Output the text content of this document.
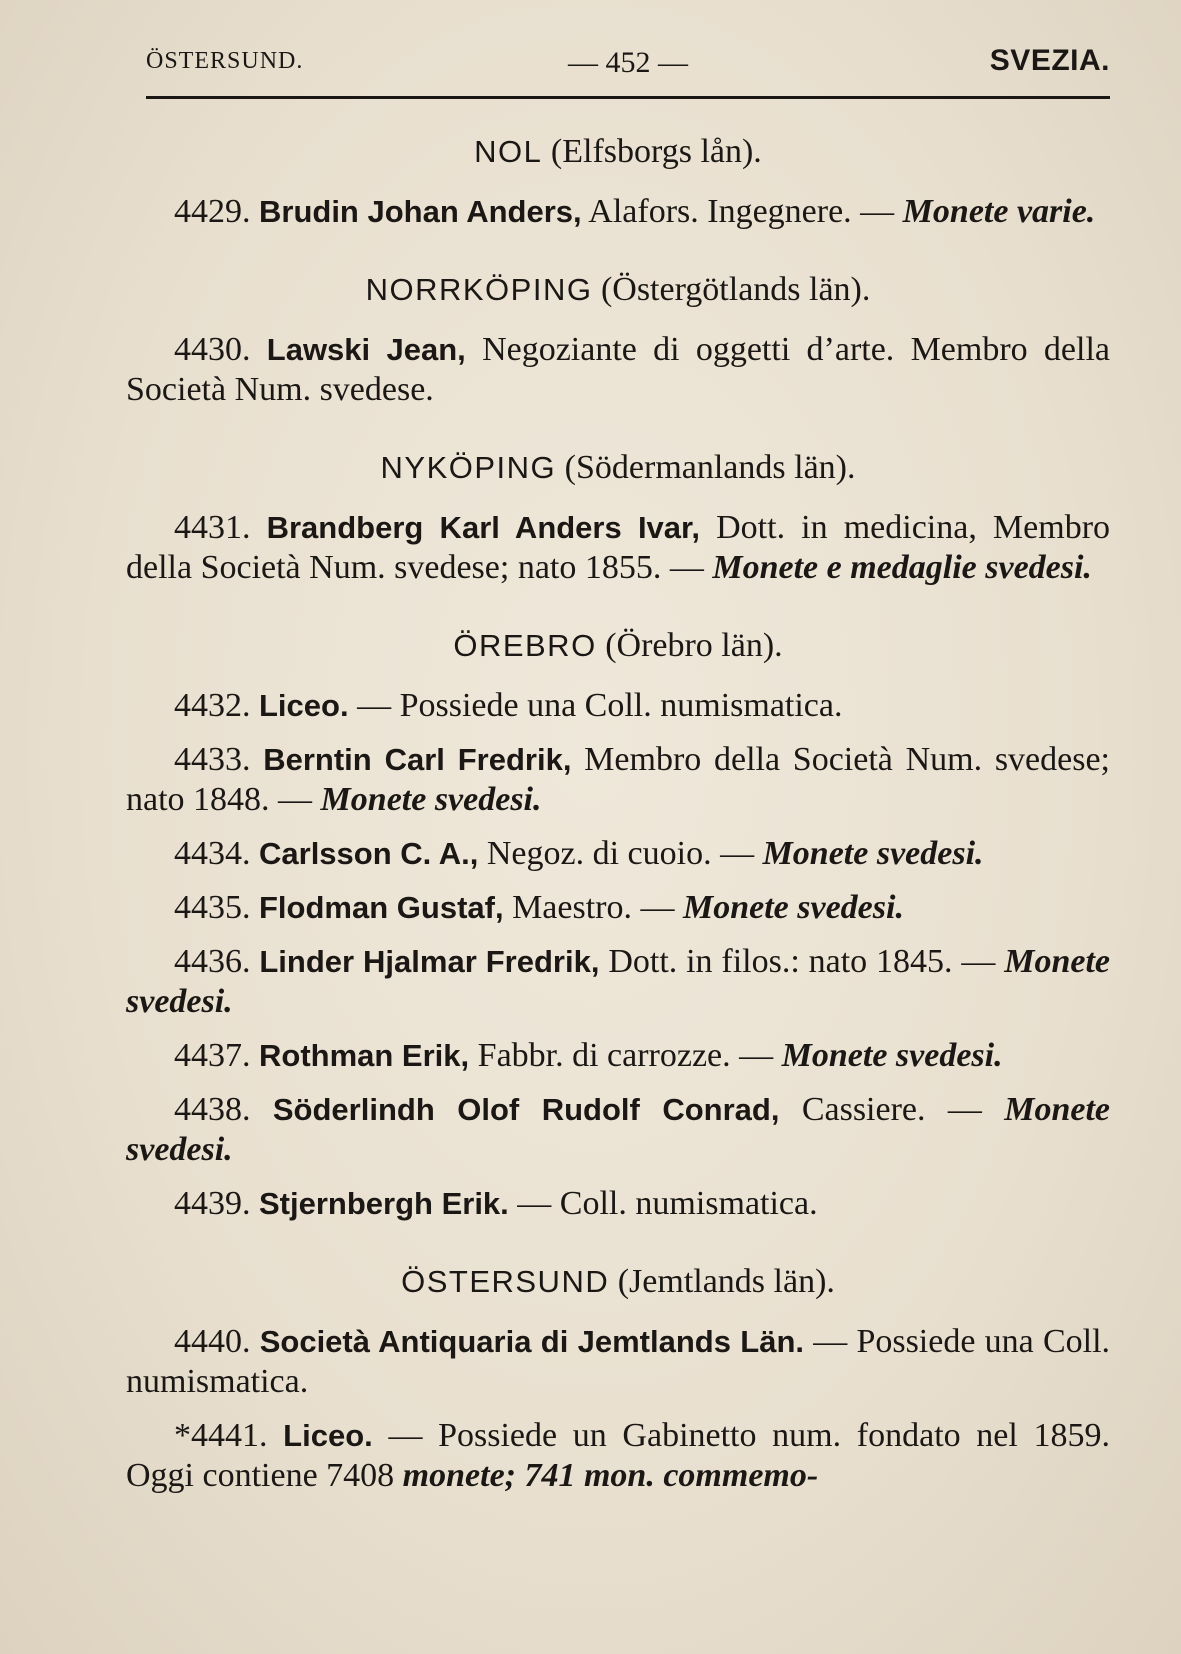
ÖSTERSUND.	— 452 —	SVEZIA.
NOL (Elfsborgs lån).

4429. Brudin Johan Anders, Alafors. Ingegnere. — Monete varie.

NORRKÖPING (Östergötlands län).

4430. Lawski Jean, Negoziante di oggetti d’arte. Membro della Società Num. svedese.

NYKÖPING (Södermanlands län).

4431. Brandberg Karl Anders Ivar, Dott. in medicina, Membro della Società Num. svedese; nato 1855. — Monete e medaglie svedesi.

ÖREBRO (Örebro län).

4432. Liceo. — Possiede una Coll. numismatica.

4433. Berntin Carl Fredrik, Membro della Società Num. svedese; nato 1848. — Monete svedesi.

4434. Carlsson C. A., Negoz. di cuoio. — Monete svedesi.

4435. Flodman Gustaf, Maestro. — Monete svedesi.

4436. Linder Hjalmar Fredrik, Dott. in filos.: nato 1845. — Monete svedesi.

4437. Rothman Erik, Fabbr. di carrozze. — Monete svedesi.

4438. Söderlindh Olof Rudolf Conrad, Cassiere. — Monete svedesi.

4439. Stjernbergh Erik. — Coll. numismatica.

ÖSTERSUND (Jemtlands län).

4440. Società Antiquaria di Jemtlands Län. — Possiede una Coll. numismatica.

*4441. Liceo. — Possiede un Gabinetto num. fondato nel 1859. Oggi contiene 7408 monete; 741 mon. commemo-
